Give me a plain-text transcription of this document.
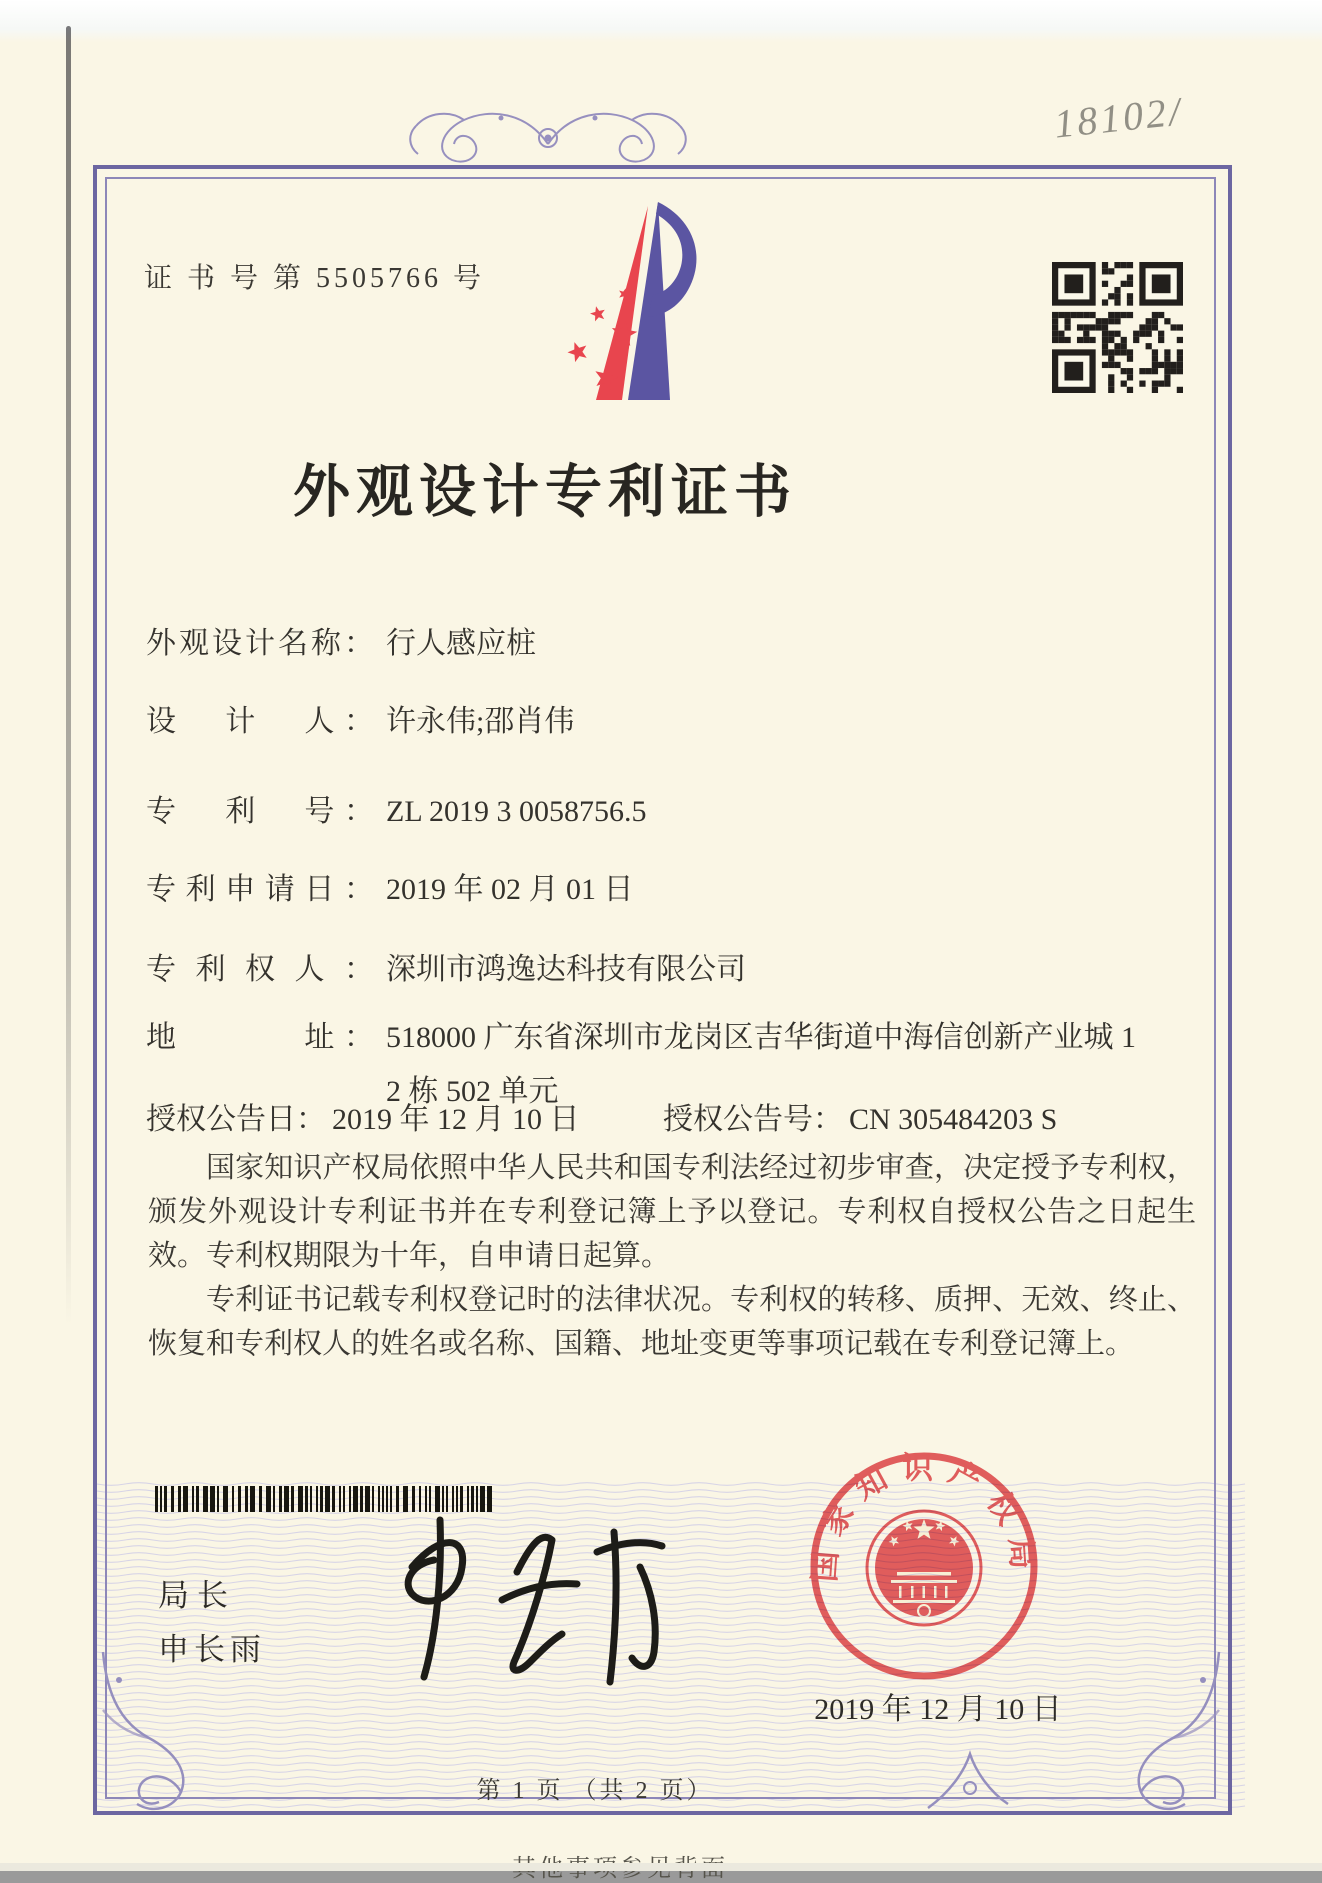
证 书 号 第 5505766 号
18102/
外观设计专利证书
外观设计名称： 行人感应桩
设　计　人： 许永伟;邵肖伟
专　利　号： ZL 2019 3 0058756.5
专利申请日： 2019 年 02 月 01 日
专利权人： 深圳市鸿逸达科技有限公司
地　　　址： 518000 广东省深圳市龙岗区吉华街道中海信创新产业城 1
2 栋 502 单元
授权公告日： 2019 年 12 月 10 日	授权公告号： CN 305484203 S

国家知识产权局依照中华人民共和国专利法经过初步审查，决定授予专利权，颁发外观设计专利证书并在专利登记簿上予以登记。专利权自授权公告之日起生效。专利权期限为十年，自申请日起算。

专利证书记载专利权登记时的法律状况。专利权的转移、质押、无效、终止、恢复和专利权人的姓名或名称、国籍、地址变更等事项记载在专利登记簿上。

局长
申长雨
国家知识产权局
2019 年 12 月 10 日
第 1 页 （共 2 页）
